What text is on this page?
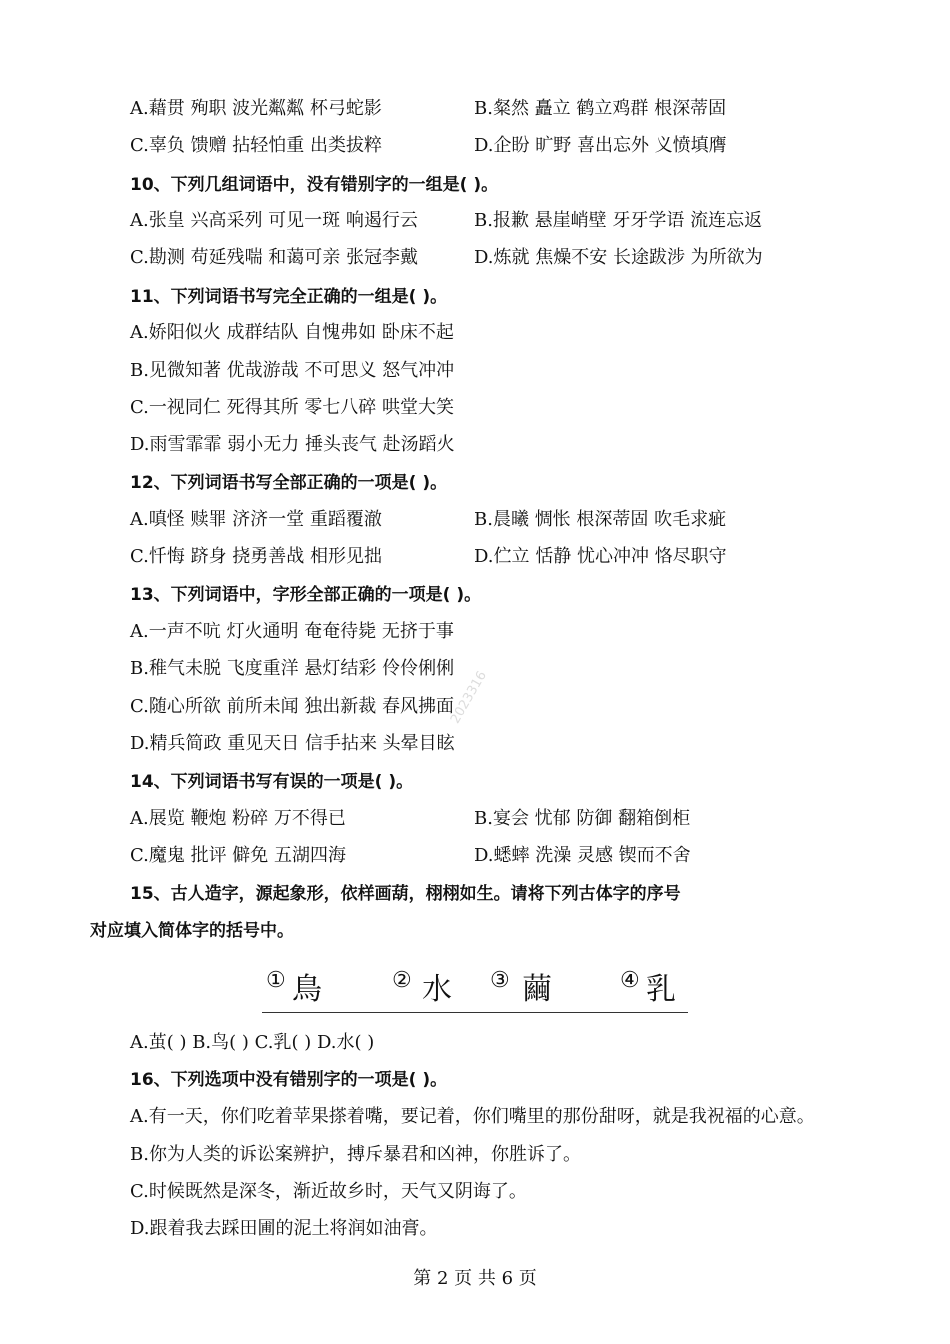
A.藉贯 殉职 波光粼粼 杯弓蛇影	B.粲然 矗立 鹤立鸡群 根深蒂固
C.辜负 馈赠 拈轻怕重 出类拔粹	D.企盼 旷野 喜出忘外 义愤填膺
10、下列几组词语中，没有错别字的一组是( )。
A.张皇 兴高采列 可见一斑 响遏行云	B.报歉 悬崖峭壁 牙牙学语 流连忘返
C.勘测 苟延残喘 和蔼可亲 张冠李戴	D.炼就 焦燥不安 长途跋涉 为所欲为
11、下列词语书写完全正确的一组是( )。
A.娇阳似火 成群结队 自愧弗如 卧床不起
B.见微知著 优哉游哉 不可思义 怒气冲冲
C.一视同仁 死得其所 零七八碎 哄堂大笑
D.雨雪霏霏 弱小无力 捶头丧气 赴汤蹈火
12、下列词语书写全部正确的一项是( )。
A.嗔怪 赎罪 济济一堂 重蹈覆澈	B.晨曦 惆怅 根深蒂固 吹毛求疵
C.忏悔 跻身 挠勇善战 相形见拙	D.伫立 恬静 忧心冲冲 恪尽职守
13、下列词语中，字形全部正确的一项是( )。
A.一声不吭 灯火通明 奄奄待毙 无挤于事
B.稚气未脱 飞度重洋 悬灯结彩 伶伶俐俐
C.随心所欲 前所未闻 独出新裁 春风拂面
D.精兵简政 重见天日 信手拈来 头晕目眩
14、下列词语书写有误的一项是( )。
A.展览 鞭炮 粉碎 万不得已	B.宴会 忧郁 防御 翻箱倒柜
C.魔鬼 批评 僻免 五湖四海	D.蟋蟀 洗澡 灵感 锲而不舍
15、古人造字，源起象形，依样画葫，栩栩如生。请将下列古体字的序号
对应填入简体字的括号中。
① 鳥	② 水 ③ 繭	④ 乳
A.茧( ) B.鸟( ) C.乳( ) D.水( )
16、下列选项中没有错别字的一项是( )。
A.有一天，你们吃着苹果搽着嘴，要记着，你们嘴里的那份甜呀，就是我祝福的心意。
B.你为人类的诉讼案辨护，搏斥暴君和凶神，你胜诉了。
C.时候既然是深冬，渐近故乡时，天气又阴诲了。
D.跟着我去踩田圃的泥土将润如油膏。
2023316
第 2 页 共 6 页
